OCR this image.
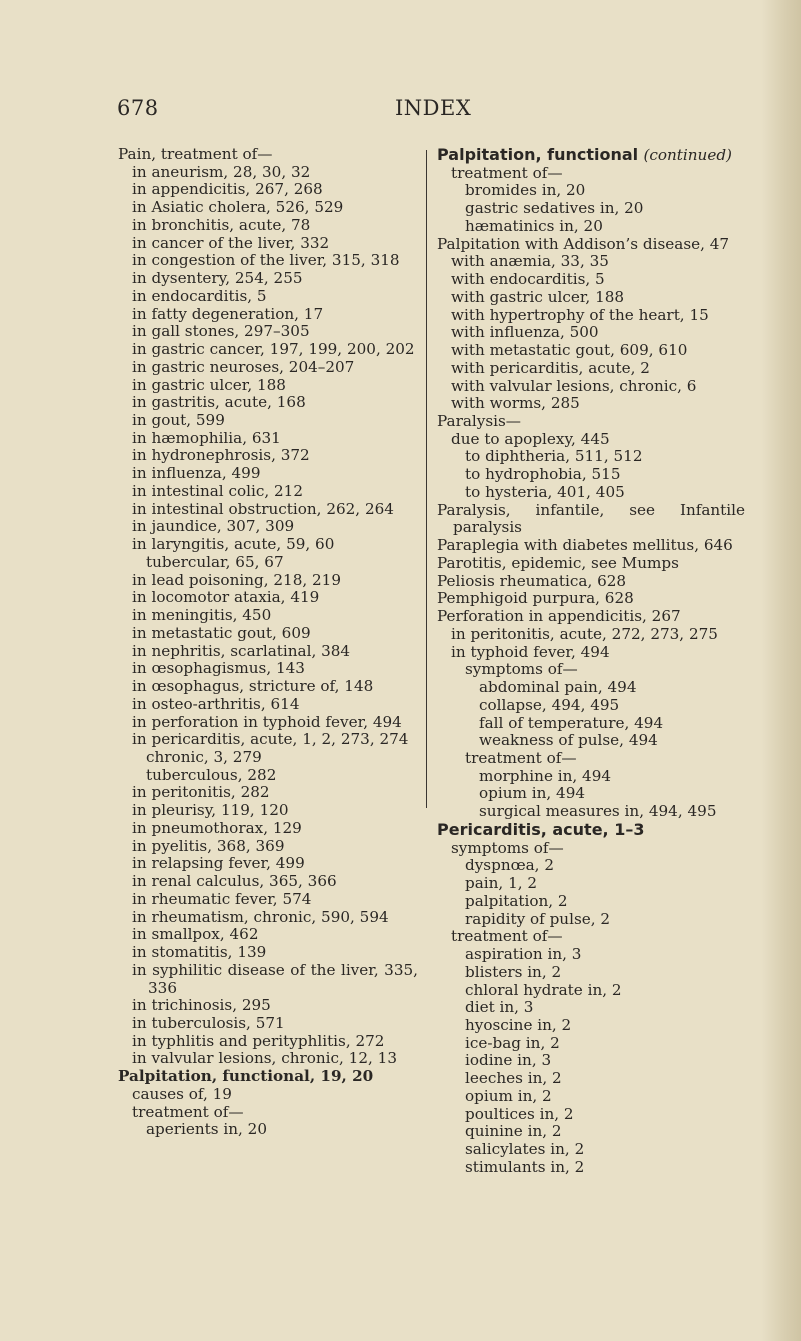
678	INDEX
Pain, treatment of—
in aneurism, 28, 30, 32
in appendicitis, 267, 268
in Asiatic cholera, 526, 529
in bronchitis, acute, 78
in cancer of the liver, 332
in congestion of the liver, 315, 318
in dysentery, 254, 255
in endocarditis, 5
in fatty degeneration, 17
in gall stones, 297–305
in gastric cancer, 197, 199, 200, 202
in gastric neuroses, 204–207
in gastric ulcer, 188
in gastritis, acute, 168
in gout, 599
in hæmophilia, 631
in hydronephrosis, 372
in influenza, 499
in intestinal colic, 212
in intestinal obstruction, 262, 264
in jaundice, 307, 309
in laryngitis, acute, 59, 60
tubercular, 65, 67
in lead poisoning, 218, 219
in locomotor ataxia, 419
in meningitis, 450
in metastatic gout, 609
in nephritis, scarlatinal, 384
in œsophagismus, 143
in œsophagus, stricture of, 148
in osteo-arthritis, 614
in perforation in typhoid fever, 494
in pericarditis, acute, 1, 2, 273, 274
chronic, 3, 279
tuberculous, 282
in peritonitis, 282
in pleurisy, 119, 120
in pneumothorax, 129
in pyelitis, 368, 369
in relapsing fever, 499
in renal calculus, 365, 366
in rheumatic fever, 574
in rheumatism, chronic, 590, 594
in smallpox, 462
in stomatitis, 139
in syphilitic disease of the liver, 335, 336
in trichinosis, 295
in tuberculosis, 571
in typhlitis and perityphlitis, 272
in valvular lesions, chronic, 12, 13
Palpitation, functional, 19, 20
causes of, 19
treatment of—
aperients in, 20
Palpitation, functional (continued)
treatment of—
bromides in, 20
gastric sedatives in, 20
hæmatinics in, 20
Palpitation with Addison’s disease, 47
with anæmia, 33, 35
with endocarditis, 5
with gastric ulcer, 188
with hypertrophy of the heart, 15
with influenza, 500
with metastatic gout, 609, 610
with pericarditis, acute, 2
with valvular lesions, chronic, 6
with worms, 285
Paralysis—
due to apoplexy, 445
to diphtheria, 511, 512
to hydrophobia, 515
to hysteria, 401, 405
Paralysis, infantile, see Infantile paralysis
Paraplegia with diabetes mellitus, 646
Parotitis, epidemic, see Mumps
Peliosis rheumatica, 628
Pemphigoid purpura, 628
Perforation in appendicitis, 267
in peritonitis, acute, 272, 273, 275
in typhoid fever, 494
symptoms of—
abdominal pain, 494
collapse, 494, 495
fall of temperature, 494
weakness of pulse, 494
treatment of—
morphine in, 494
opium in, 494
surgical measures in, 494, 495
Pericarditis, acute, 1–3
symptoms of—
dyspnœa, 2
pain, 1, 2
palpitation, 2
rapidity of pulse, 2
treatment of—
aspiration in, 3
blisters in, 2
chloral hydrate in, 2
diet in, 3
hyoscine in, 2
ice-bag in, 2
iodine in, 3
leeches in, 2
opium in, 2
poultices in, 2
quinine in, 2
salicylates in, 2
stimulants in, 2
